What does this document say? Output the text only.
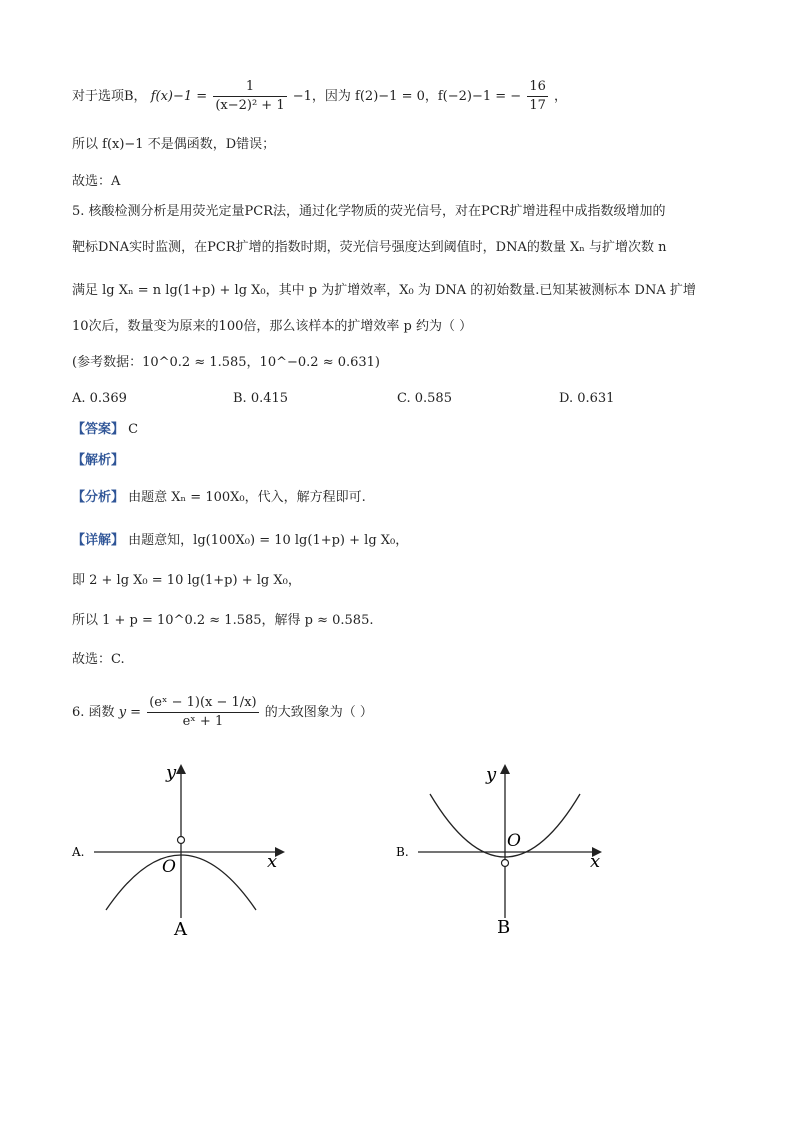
对于选项B， $f(x)-1 = \frac{1}{\text{(x−2)² + 1}} -1$，因为 f(2)−1 = 0，f(−2)−1 = − $\frac{16}{17}$ ，
所以 f(x)−1 不是偶函数，D错误；
故选：A
5. 核酸检测分析是用荧光定量PCR法，通过化学物质的荧光信号，对在PCR扩增进程中成指数级增加的
靶标DNA实时监测，在PCR扩增的指数时期，荧光信号强度达到阈值时，DNA的数量 Xₙ 与扩增次数 n
满足 lg Xₙ = n lg(1+p) + lg X₀，其中 p 为扩增效率，X₀ 为 DNA 的初始数量.已知某被测标本 DNA 扩增
10次后，数量变为原来的100倍，那么该样本的扩增效率 p 约为（ ）
(参考数据：10^0.2 ≈ 1.585，10^−0.2 ≈ 0.631)
A. 0.369	B. 0.415	C. 0.585	D. 0.631
【答案】 C
【解析】
【分析】 由题意 Xₙ = 100X₀，代入，解方程即可.
【详解】 由题意知，lg(100X₀) = 10 lg(1+p) + lg X₀，
即 2 + lg X₀ = 10 lg(1+p) + lg X₀，
所以 1 + p = 10^0.2 ≈ 1.585，解得 p ≈ 0.585.
故选：C.
6. 函数 $y = \frac{\text{(eˣ − 1)(x − 1/x)}}{\text{eˣ + 1}}$ 的大致图象为（ ）
y
x
O
A.
A
y
x
O
B.
B
